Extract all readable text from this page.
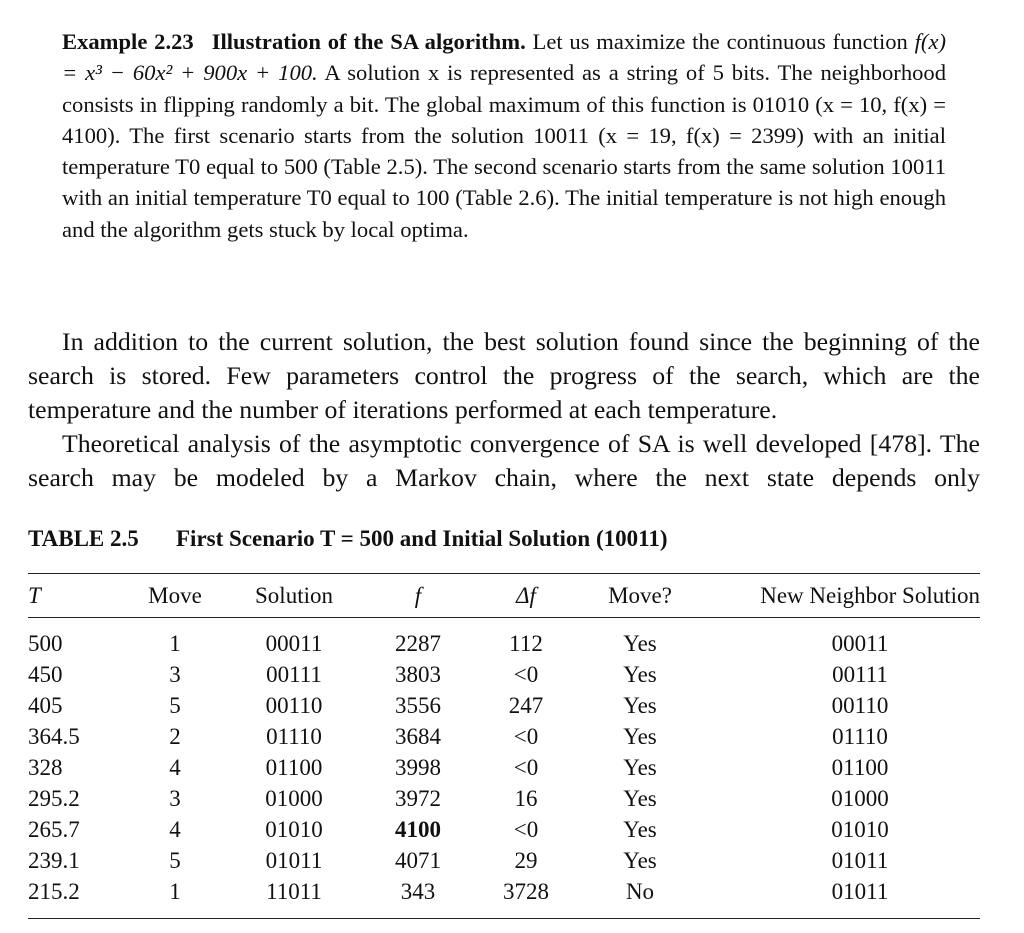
Example 2.23 Illustration of the SA algorithm. Let us maximize the continuous function f(x) = x³ − 60x² + 900x + 100. A solution x is represented as a string of 5 bits. The neighborhood consists in flipping randomly a bit. The global maximum of this function is 01010 (x = 10, f(x) = 4100). The first scenario starts from the solution 10011 (x = 19, f(x) = 2399) with an initial temperature T0 equal to 500 (Table 2.5). The second scenario starts from the same solution 10011 with an initial temperature T0 equal to 100 (Table 2.6). The initial temperature is not high enough and the algorithm gets stuck by local optima.

In addition to the current solution, the best solution found since the beginning of the search is stored. Few parameters control the progress of the search, which are the temperature and the number of iterations performed at each temperature.

Theoretical analysis of the asymptotic convergence of SA is well developed [478]. The search may be modeled by a Markov chain, where the next state depends only

TABLE 2.5 First Scenario T = 500 and Initial Solution (10011)
T	Move	Solution	f	Δf	Move?	New Neighbor Solution
500	1	00011	2287	112	Yes	00011
450	3	00111	3803	<0	Yes	00111
405	5	00110	3556	247	Yes	00110
364.5	2	01110	3684	<0	Yes	01110
328	4	01100	3998	<0	Yes	01100
295.2	3	01000	3972	16	Yes	01000
265.7	4	01010	4100	<0	Yes	01010
239.1	5	01011	4071	29	Yes	01011
215.2	1	11011	343	3728	No	01011
